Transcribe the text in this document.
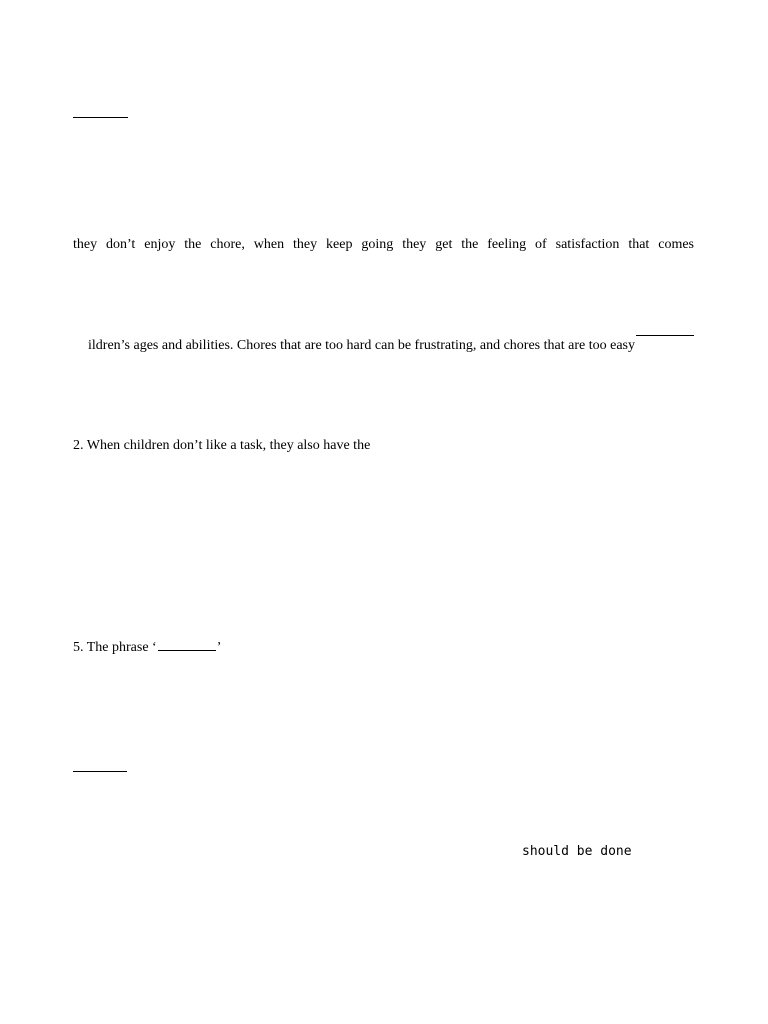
they don’t enjoy the chore, when they keep going they get the feeling of satisfaction that comes
ildren’s ages and abilities. Chores that are too hard can be frustrating, and chores that are too easy
2. When children don’t like a task, they also have the
5. The phrase ‘	’
should be done
